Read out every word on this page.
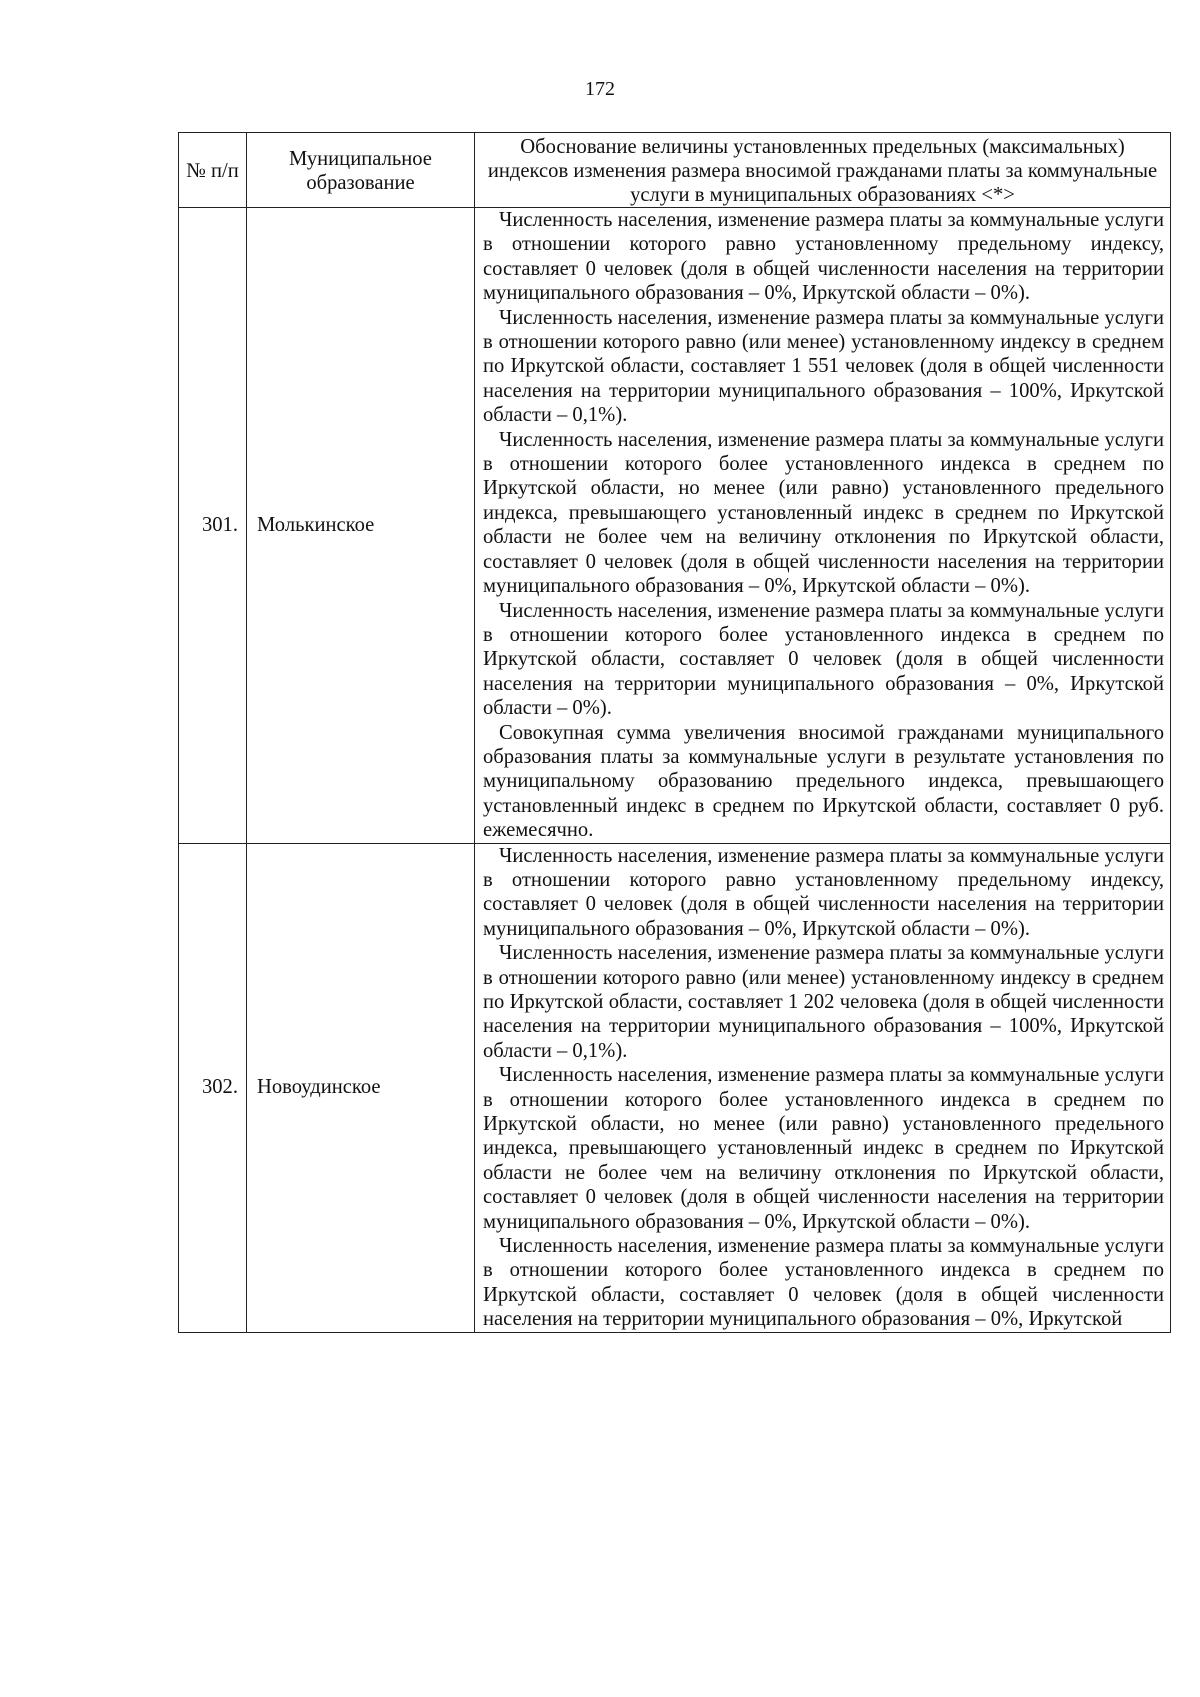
172
№ п/п	Муниципальное образование	Обоснование величины установленных предельных (максимальных) индексов изменения размера вносимой гражданами платы за коммунальные услуги в муниципальных образованиях <*>
301.	Молькинское	Численность населения, изменение размера платы за коммунальные услуги в отношении которого равно установленному предельному индексу, составляет 0 человек (доля в общей численности населения на территории муниципального образования – 0%, Иркутской области – 0%).

Численность населения, изменение размера платы за коммунальные услуги в отношении которого равно (или менее) установленному индексу в среднем по Иркутской области, составляет 1 551 человек (доля в общей численности населения на территории муниципального образования – 100%, Иркутской области – 0,1%).

Численность населения, изменение размера платы за коммунальные услуги в отношении которого более установленного индекса в среднем по Иркутской области, но менее (или равно) установленного предельного индекса, превышающего установленный индекс в среднем по Иркутской области не более чем на величину отклонения по Иркутской области, составляет 0 человек (доля в общей численности населения на территории муниципального образования – 0%, Иркутской области – 0%).

Численность населения, изменение размера платы за коммунальные услуги в отношении которого более установленного индекса в среднем по Иркутской области, составляет 0 человек (доля в общей численности населения на территории муниципального образования – 0%, Иркутской области – 0%).

Совокупная сумма увеличения вносимой гражданами муниципального образования платы за коммунальные услуги в результате установления по муниципальному образованию предельного индекса, превышающего установленный индекс в среднем по Иркутской области, составляет 0 руб. ежемесячно.

302.	Новоудинское	Численность населения, изменение размера платы за коммунальные услуги в отношении которого равно установленному предельному индексу, составляет 0 человек (доля в общей численности населения на территории муниципального образования – 0%, Иркутской области – 0%).

Численность населения, изменение размера платы за коммунальные услуги в отношении которого равно (или менее) установленному индексу в среднем по Иркутской области, составляет 1 202 человека (доля в общей численности населения на территории муниципального образования – 100%, Иркутской области – 0,1%).

Численность населения, изменение размера платы за коммунальные услуги в отношении которого более установленного индекса в среднем по Иркутской области, но менее (или равно) установленного предельного индекса, превышающего установленный индекс в среднем по Иркутской области не более чем на величину отклонения по Иркутской области, составляет 0 человек (доля в общей численности населения на территории муниципального образования – 0%, Иркутской области – 0%).

Численность населения, изменение размера платы за коммунальные услуги в отношении которого более установленного индекса в среднем по Иркутской области, составляет 0 человек (доля в общей численности населения на территории муниципального образования – 0%, Иркутской
